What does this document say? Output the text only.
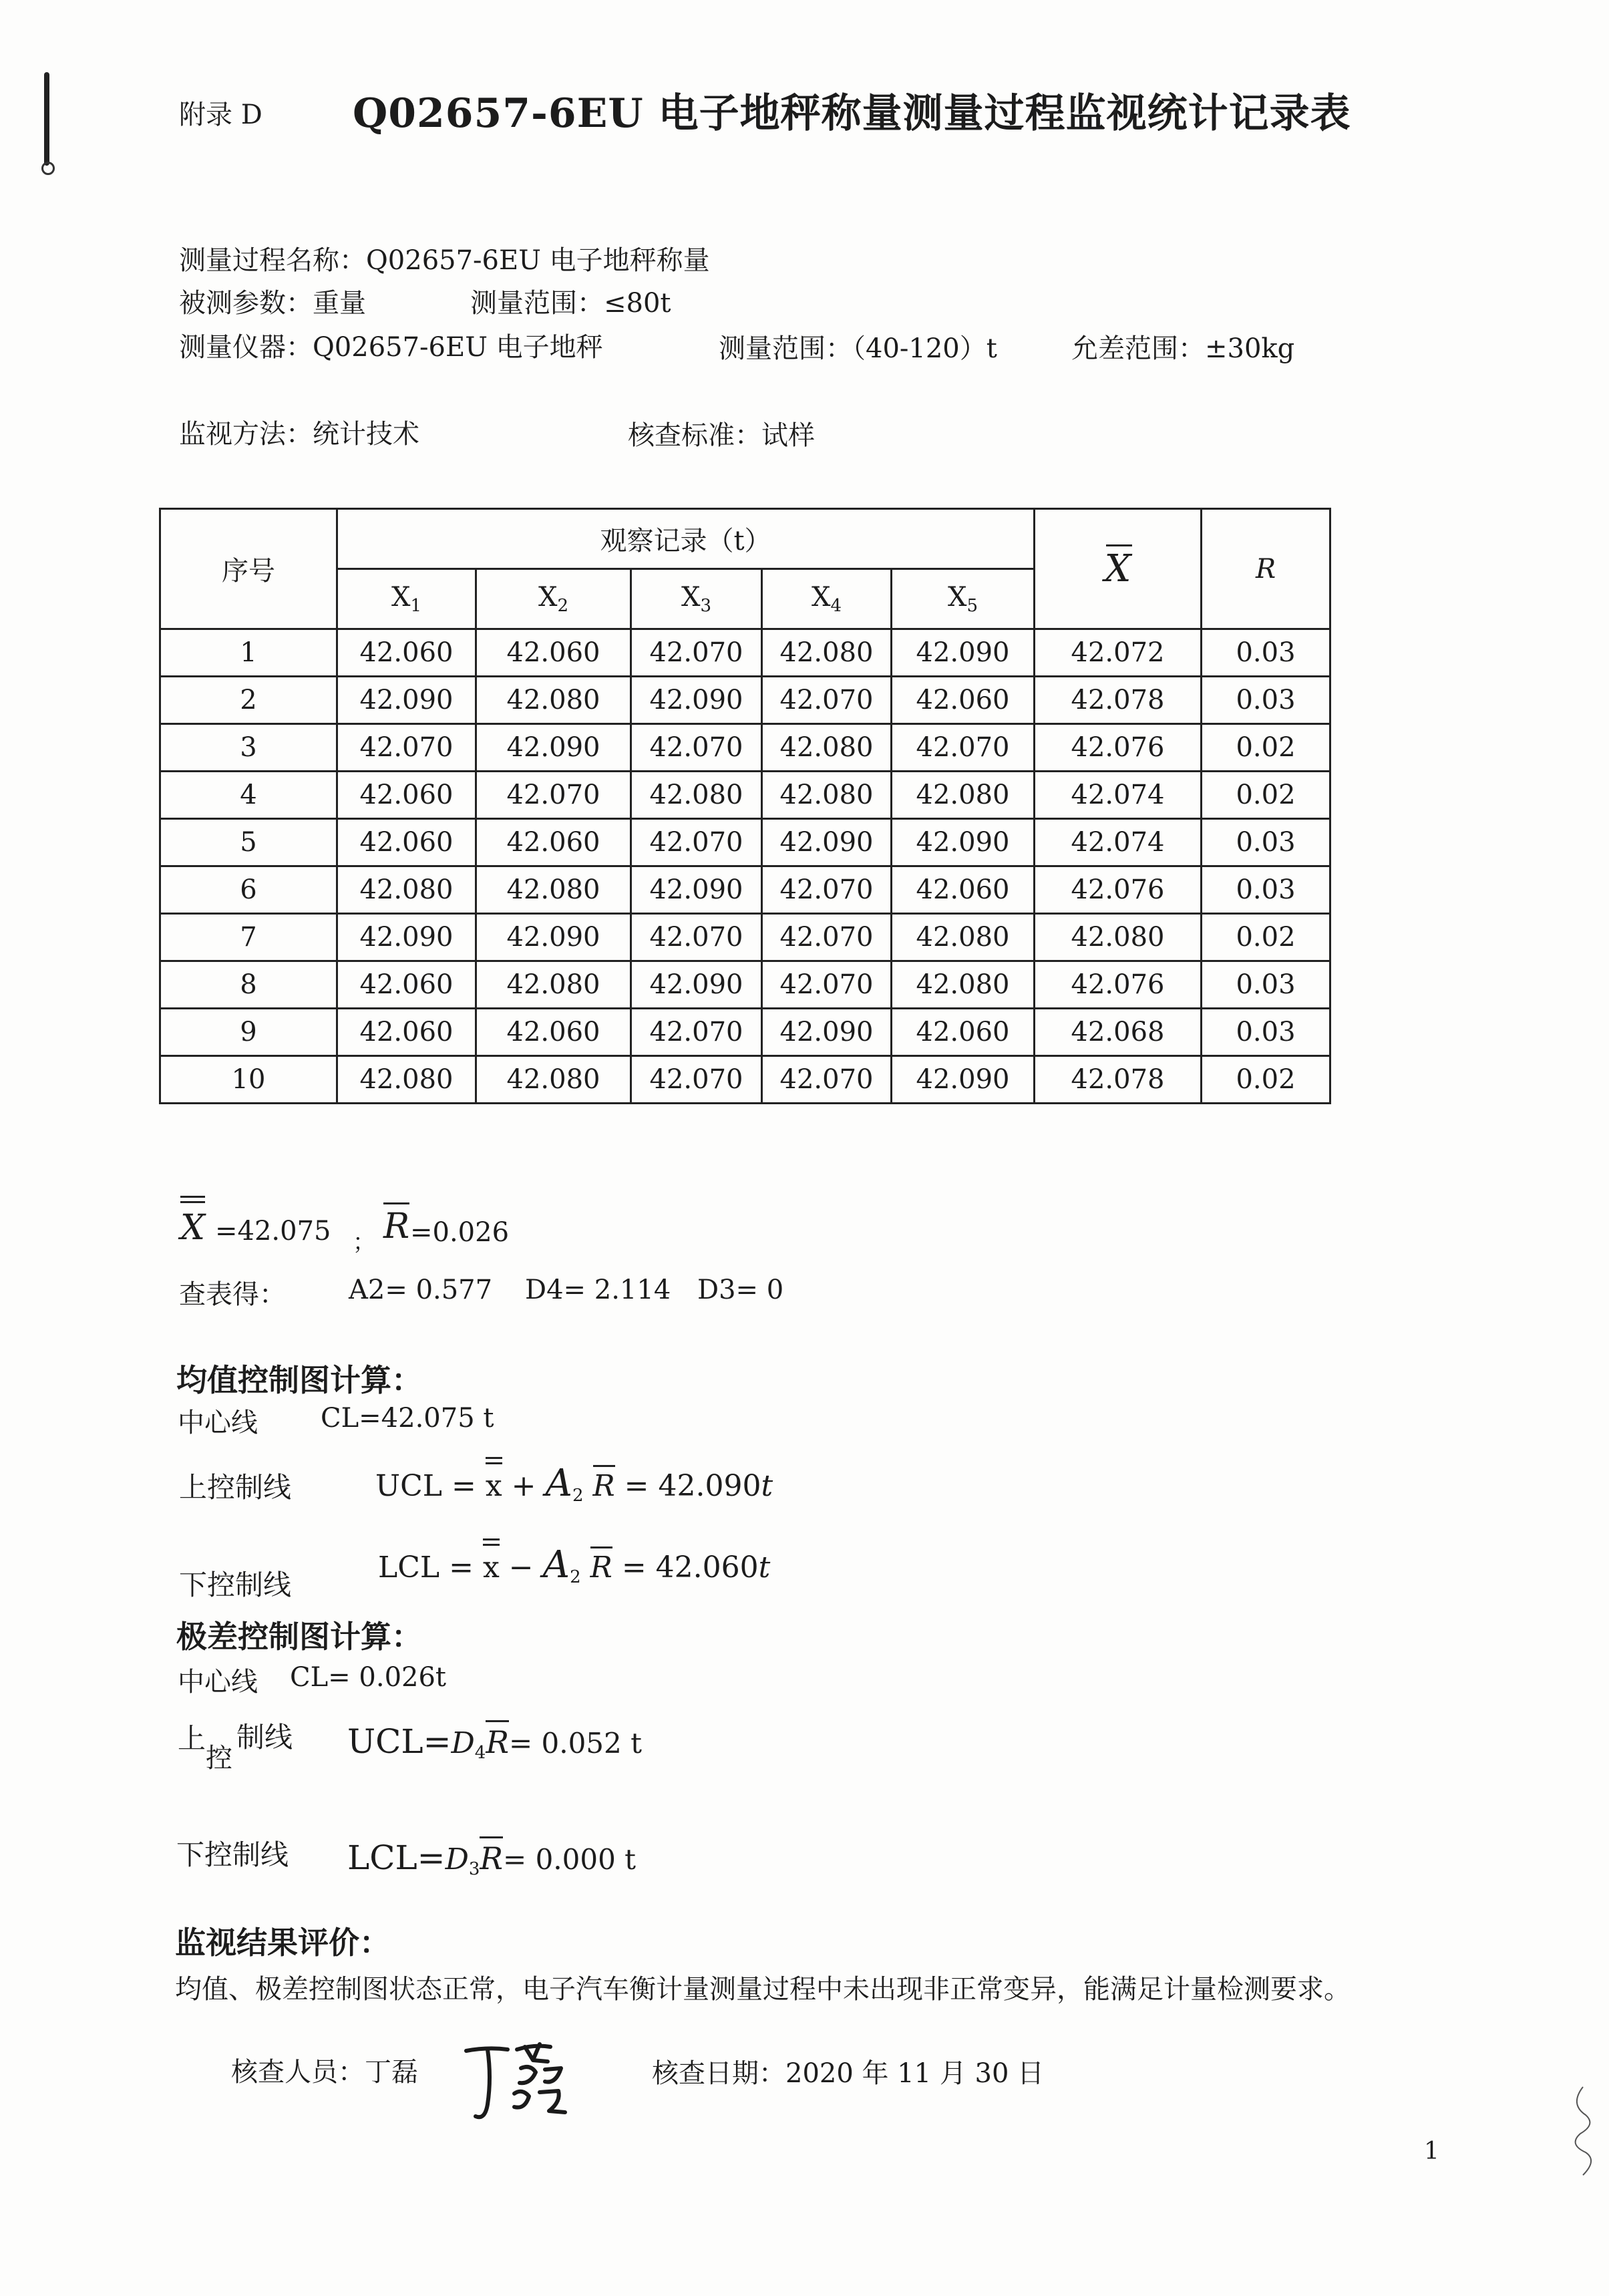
附录 D Q02657-6EU 电子地秤称量测量过程监视统计记录表
测量过程名称：Q02657-6EU 电子地秤称量
被测参数：重量	测量范围：≤80t
测量仪器：Q02657-6EU 电子地秤	测量范围：（40-120）t	允差范围：±30kg
监视方法：统计技术	核查标准：试样
序号	观察记录（t）					X	R
	$X_1$	$X_2$	$X_3$	$X_4$	$X_5$
1	42.060	42.060	42.070	42.080	42.090	42.072	0.03
2	42.090	42.080	42.090	42.070	42.060	42.078	0.03
3	42.070	42.090	42.070	42.080	42.070	42.076	0.02
4	42.060	42.070	42.080	42.080	42.080	42.074	0.02
5	42.060	42.060	42.070	42.090	42.090	42.074	0.03
6	42.080	42.080	42.090	42.070	42.060	42.076	0.03
7	42.090	42.090	42.070	42.070	42.080	42.080	0.02
8	42.060	42.080	42.090	42.070	42.080	42.076	0.03
9	42.060	42.060	42.070	42.090	42.060	42.068	0.03
10	42.080	42.080	42.070	42.070	42.090	42.078	0.02
X =42.075 ； R =0.026
查表得： A2= 0.577 D4= 2.114 D3= 0
均值控制图计算：
中心线 CL=42.075 t
上控制线	UCL = $x + A_2$ R = 42.090t
下控制线
LCL = $x - A_2$ R = 42.060t
极差控制图计算：
中心线 CL= 0.026t
上
控
制线 $UCL=D_4R= 0.052$ t
下控制线 $LCL=D_3R= 0.000$ t
监视结果评价：
均值、极差控制图状态正常，电子汽车衡计量测量过程中未出现非正常变异，能满足计量检测要求。
核查人员：丁磊	核查日期：2020 年 11 月 30 日
1
